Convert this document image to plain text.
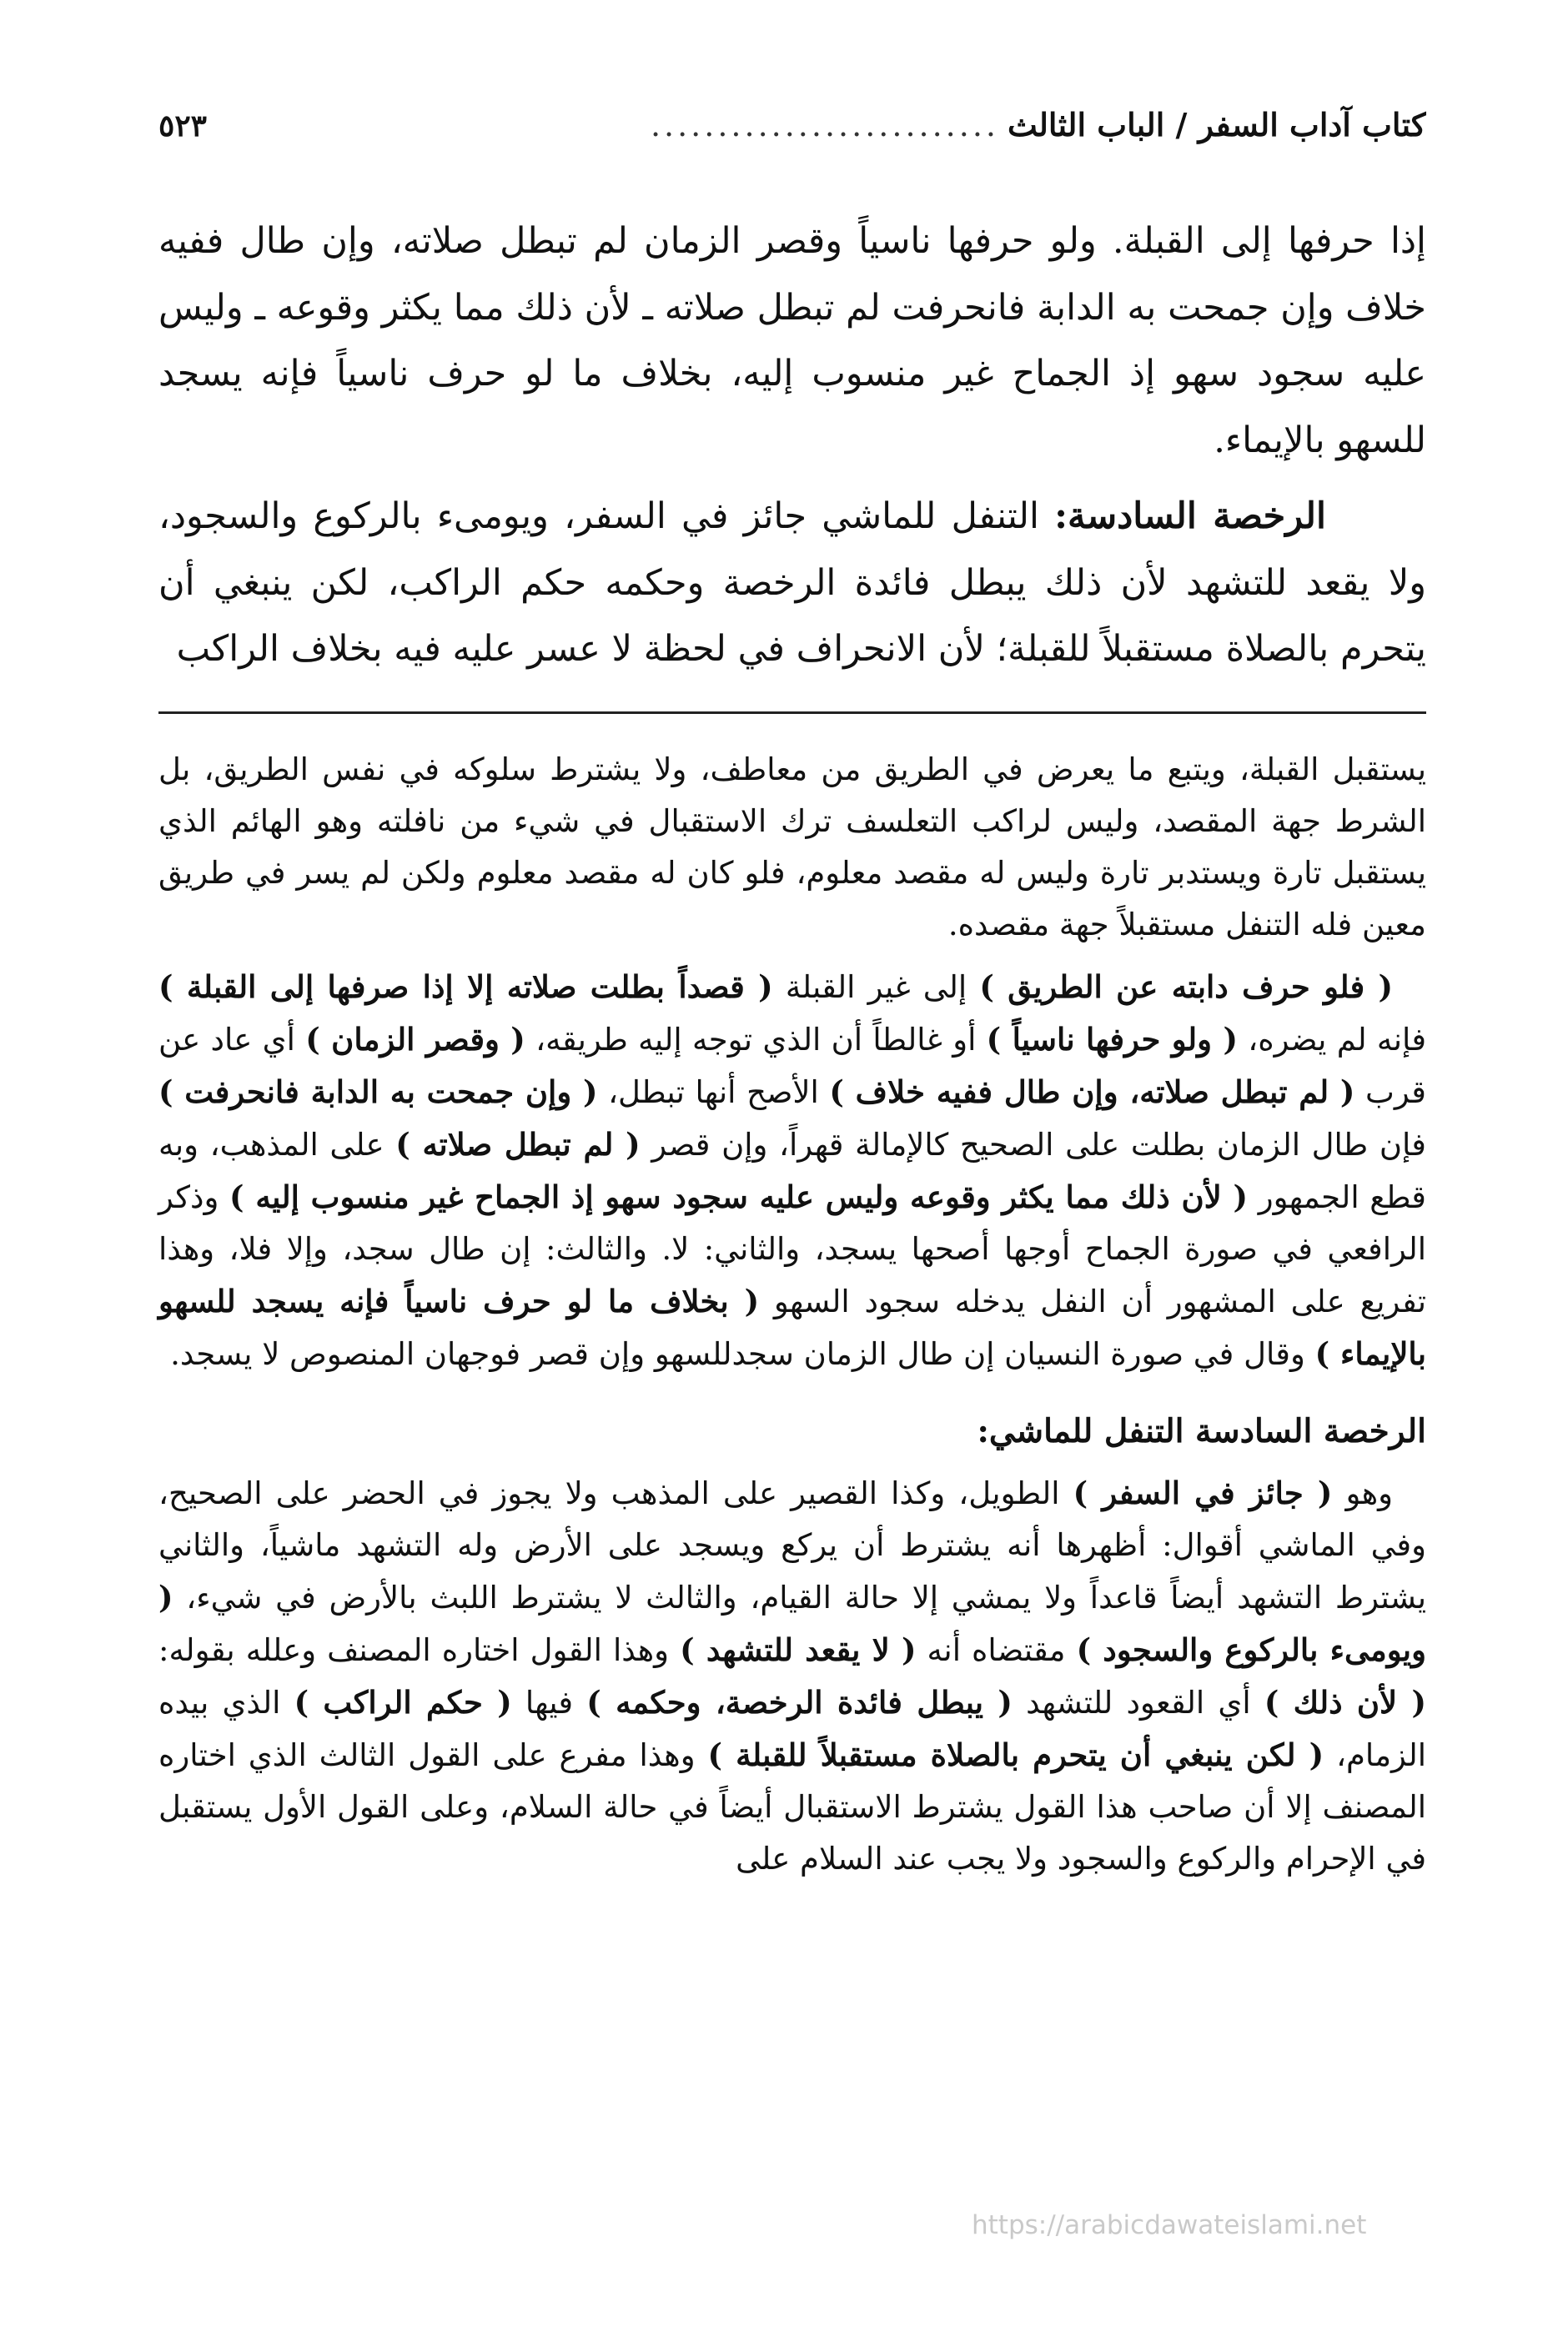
كتاب آداب السفر / الباب الثالث
..........................
٥٢٣

إذا حرفها إلى القبلة. ولو حرفها ناسياً وقصر الزمان لم تبطل صلاته، وإن طال ففيه خلاف وإن جمحت به الدابة فانحرفت لم تبطل صلاته ـ لأن ذلك مما يكثر وقوعه ـ وليس عليه سجود سهو إذ الجماح غير منسوب إليه، بخلاف ما لو حرف ناسياً فإنه يسجد للسهو بالإيماء.

الرخصة السادسة: التنفل للماشي جائز في السفر، ويومىء بالركوع والسجود، ولا يقعد للتشهد لأن ذلك يبطل فائدة الرخصة وحكمه حكم الراكب، لكن ينبغي أن يتحرم بالصلاة مستقبلاً للقبلة؛ لأن الانحراف في لحظة لا عسر عليه فيه بخلاف الراكب

يستقبل القبلة، ويتبع ما يعرض في الطريق من معاطف، ولا يشترط سلوكه في نفس الطريق، بل الشرط جهة المقصد، وليس لراكب التعلسف ترك الاستقبال في شيء من نافلته وهو الهائم الذي يستقبل تارة ويستدبر تارة وليس له مقصد معلوم، فلو كان له مقصد معلوم ولكن لم يسر في طريق معين فله التنفل مستقبلاً جهة مقصده.

( فلو حرف دابته عن الطريق ) إلى غير القبلة ( قصداً بطلت صلاته إلا إذا صرفها إلى القبلة ) فإنه لم يضره، ( ولو حرفها ناسياً ) أو غالطاً أن الذي توجه إليه طريقه، ( وقصر الزمان ) أي عاد عن قرب ( لم تبطل صلاته، وإن طال ففيه خلاف ) الأصح أنها تبطل، ( وإن جمحت به الدابة فانحرفت ) فإن طال الزمان بطلت على الصحيح كالإمالة قهراً، وإن قصر ( لم تبطل صلاته ) على المذهب، وبه قطع الجمهور ( لأن ذلك مما يكثر وقوعه وليس عليه سجود سهو إذ الجماح غير منسوب إليه ) وذكر الرافعي في صورة الجماح أوجها أصحها يسجد، والثاني: لا. والثالث: إن طال سجد، وإلا فلا، وهذا تفريع على المشهور أن النفل يدخله سجود السهو ( بخلاف ما لو حرف ناسياً فإنه يسجد للسهو بالإيماء ) وقال في صورة النسيان إن طال الزمان سجدللسهو وإن قصر فوجهان المنصوص لا يسجد.

الرخصة السادسة التنفل للماشي:

وهو ( جائز في السفر ) الطويل، وكذا القصير على المذهب ولا يجوز في الحضر على الصحيح، وفي الماشي أقوال: أظهرها أنه يشترط أن يركع ويسجد على الأرض وله التشهد ماشياً، والثاني يشترط التشهد أيضاً قاعداً ولا يمشي إلا حالة القيام، والثالث لا يشترط اللبث بالأرض في شيء، ( ويومىء بالركوع والسجود ) مقتضاه أنه ( لا يقعد للتشهد ) وهذا القول اختاره المصنف وعلله بقوله: ( لأن ذلك ) أي القعود للتشهد ( يبطل فائدة الرخصة، وحكمه ) فيها ( حكم الراكب ) الذي بيده الزمام، ( لكن ينبغي أن يتحرم بالصلاة مستقبلاً للقبلة ) وهذا مفرع على القول الثالث الذي اختاره المصنف إلا أن صاحب هذا القول يشترط الاستقبال أيضاً في حالة السلام، وعلى القول الأول يستقبل في الإحرام والركوع والسجود ولا يجب عند السلام على

https://arabicdawateislami.net
